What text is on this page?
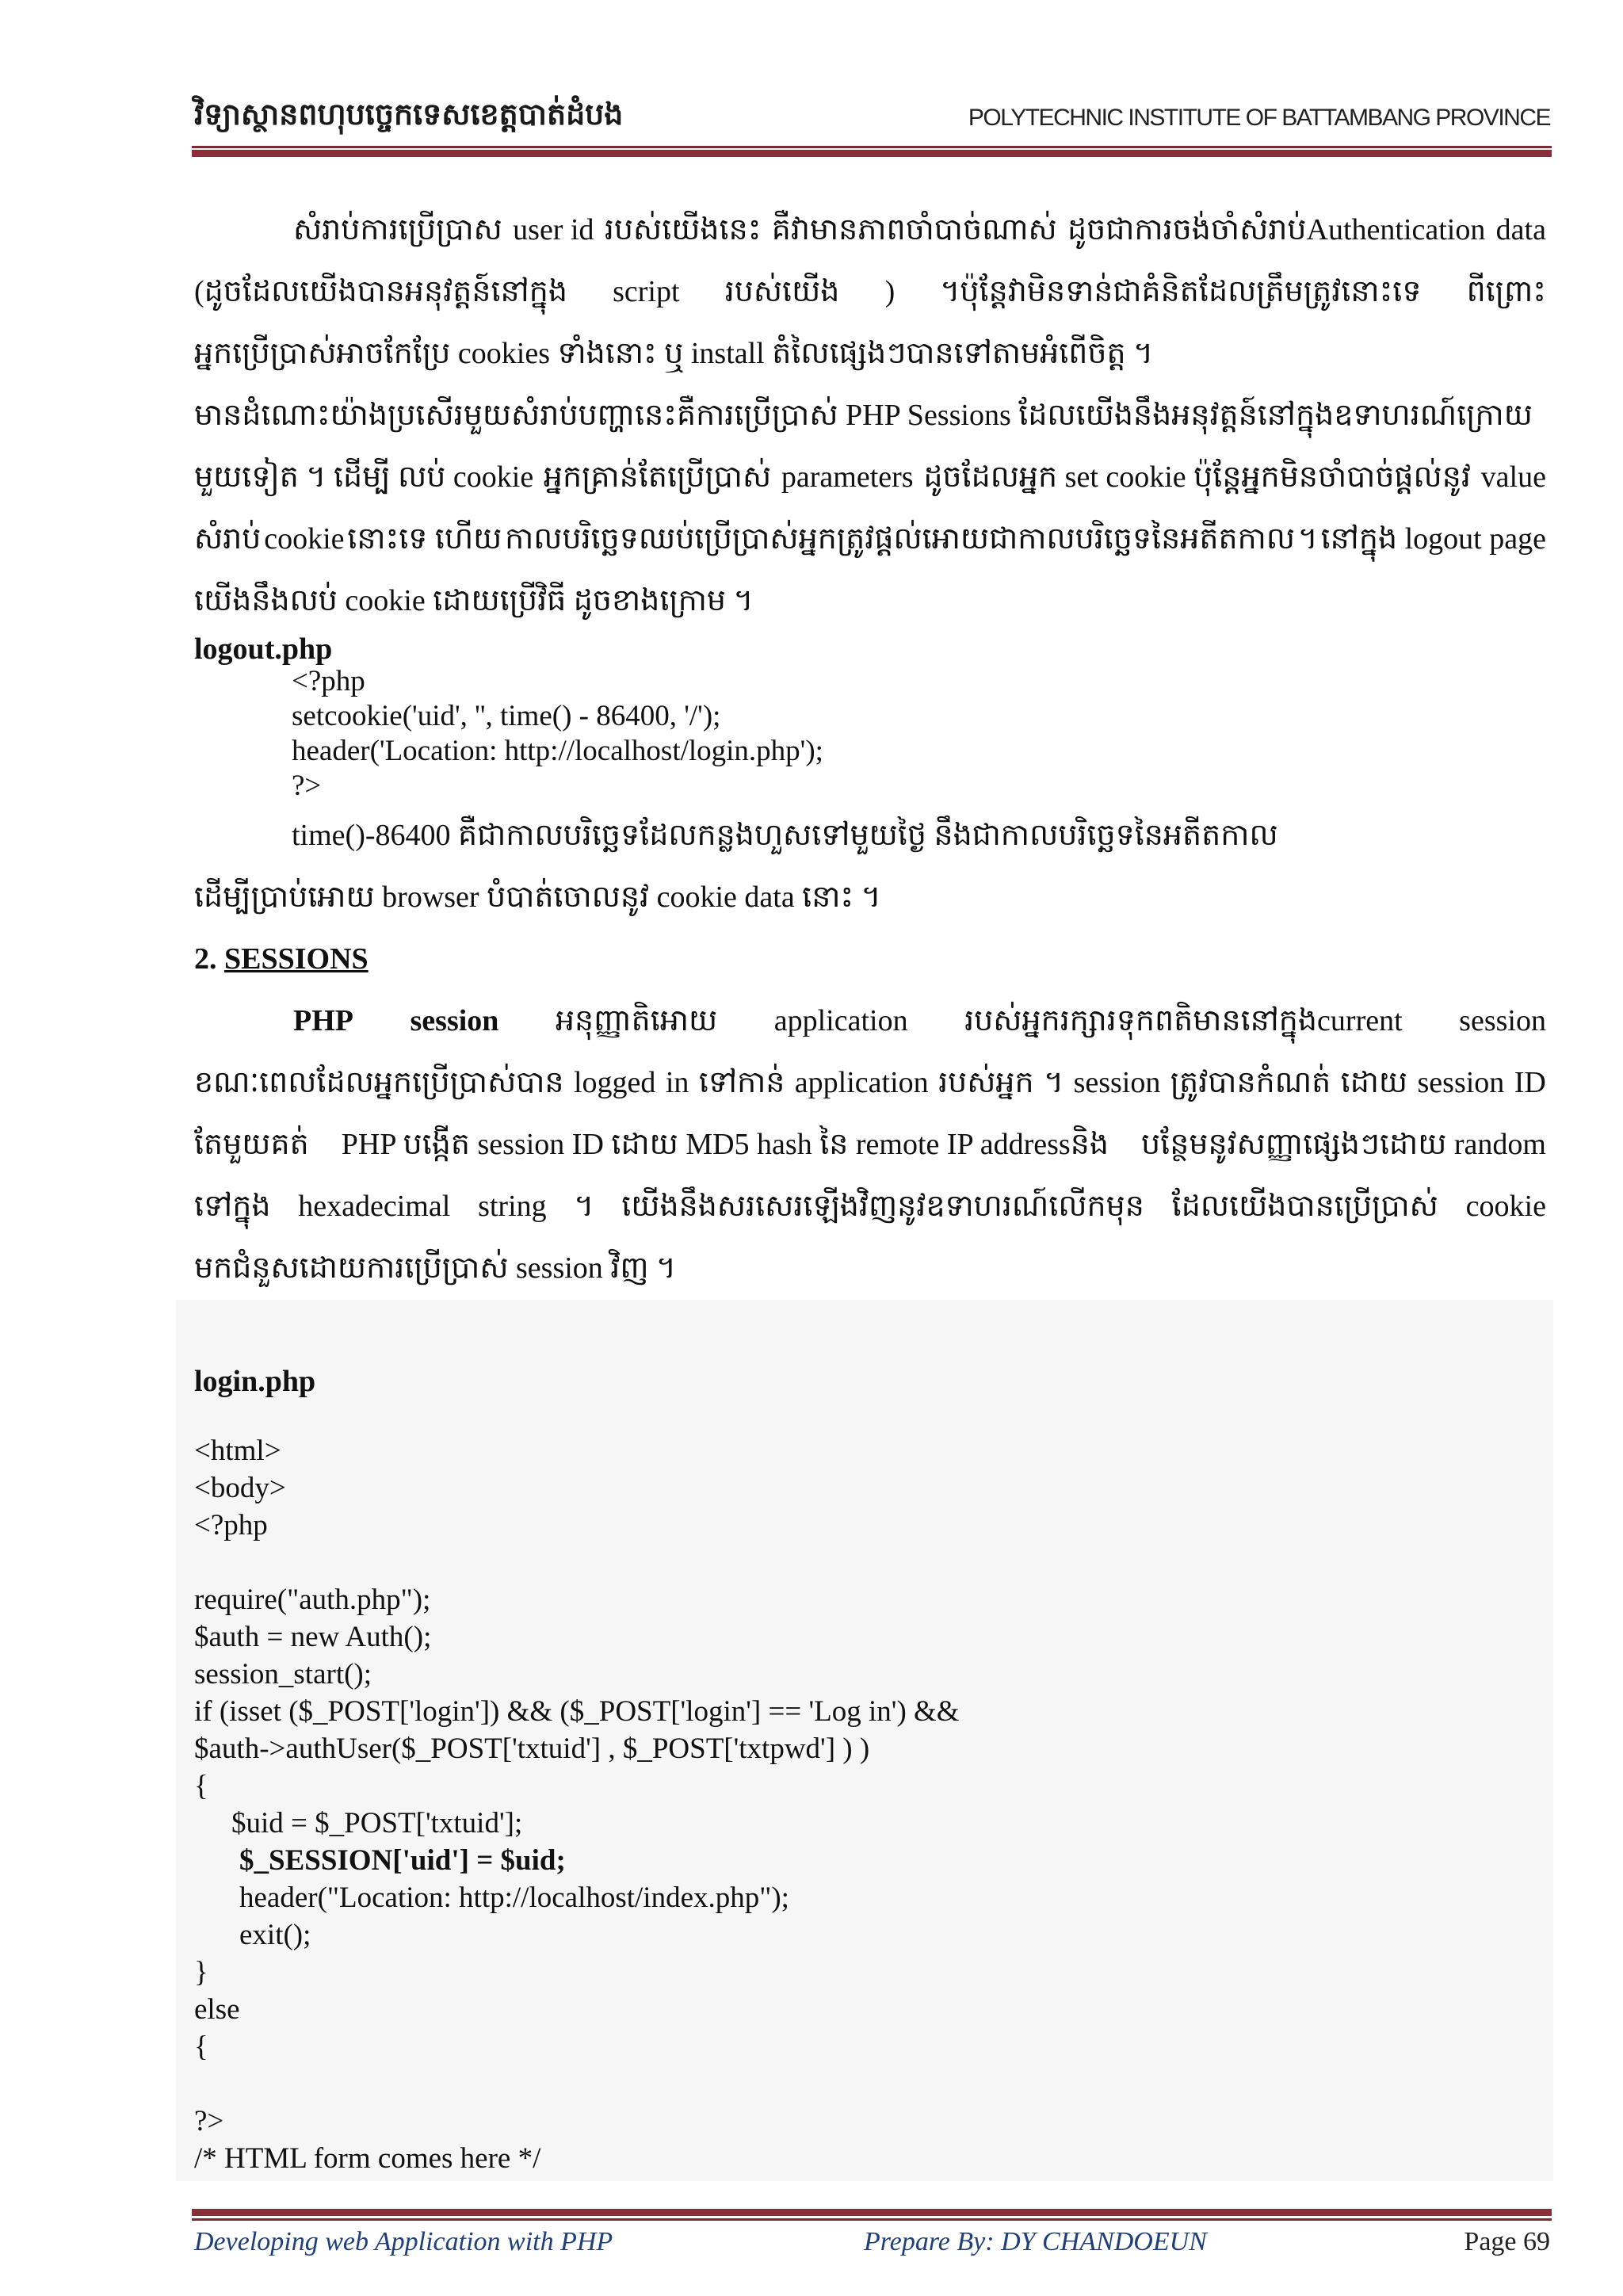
វិទ្យាស្ថានពហុបច្ចេកទេសខេត្តបាត់ដំបង	POLYTECHNIC INSTITUTE OF BATTAMBANG PROVINCE
សំរាប់ការប្រើប្រាស user id របស់យើងនេះ គឺវាមានភាពចាំបាច់ណាស់ ដូចជាការចង់ចាំសំរាប់Authentication data
(ដូចដែលយើងបានអនុវត្តន៍នៅក្នុង script របស់យើង ) ។ប៉ុន្តែវាមិនទាន់ជាគំនិតដែលត្រឹមត្រូវនោះទេ ពីព្រោះ
អ្នកប្រើប្រាស់អាចកែប្រែ cookies ទាំងនោះ ឬ install តំលៃផ្សេងៗបានទៅតាមអំពើចិត្ត ។
មានដំណោះយ៉ាងប្រសើរមួយសំរាប់បញ្ហានេះគឺការប្រើប្រាស់ PHP Sessions ដែលយើងនឹងអនុវត្តន៍នៅក្នុងឧទាហរណ៍ក្រោយ
មួយទៀត ។ ដើម្បី លប់ cookie អ្នកគ្រាន់តែប្រើប្រាស់ parameters ដូចដែលអ្នក set cookie ប៉ុន្តែអ្នកមិនចាំបាច់ផ្តល់នូវ value
សំរាប់ cookie នោះទេ ហើយ កាលបរិច្ឆេទឈប់ប្រើប្រាស់អ្នកត្រូវផ្តល់អោយជាកាលបរិច្ឆេទនៃអតីតកាល ។ នៅក្នុង logout page
យើងនឹងលប់ cookie ដោយប្រើវិធី ដូចខាងក្រោម ។
logout.php
<?php
setcookie('uid', '', time() - 86400, '/');
header('Location: http://localhost/login.php');
?>
time()-86400 គឺជាកាលបរិច្ឆេទដែលកន្លងហួសទៅមួយថ្ងៃ នឹងជាកាលបរិច្ឆេទនៃអតីតកាល
ដើម្បីប្រាប់អោយ browser បំបាត់ចោលនូវ cookie data នោះ ។
2. SESSIONS
PHP session អនុញ្ញាតិអោយ application របស់អ្នករក្សារទុកពតិមាននៅក្នុងcurrent session
ខណៈពេលដែលអ្នកប្រើប្រាស់បាន logged in ទៅកាន់ application របស់អ្នក ។ session ត្រូវបានកំណត់ ដោយ session ID
តែមួយគត់ PHP បង្កើត session ID ដោយ MD5 hash នៃ remote IP addressនិង បន្ថែមនូវសញ្ញាផ្សេងៗដោយ random
ទៅក្នុង hexadecimal string ។ យើងនឹងសរសេរឡើងវិញនូវឧទាហរណ៍លើកមុន ដែលយើងបានប្រើប្រាស់ cookie
មកជំនួសដោយការប្រើប្រាស់ session វិញ ។
login.php
<html>
<body>
<?php
require("auth.php");
$auth = new Auth();
session_start();
if (isset ($_POST['login']) && ($_POST['login'] == 'Log in') &&
$auth->authUser($_POST['txtuid'] , $_POST['txtpwd'] ) )
{
$uid = $_POST['txtuid'];
$_SESSION['uid'] = $uid;
header("Location: http://localhost/index.php");
exit();
}
else
{
?>
/* HTML form comes here */
Developing web Application with PHP	Prepare By: DY CHANDOEUN	Page 69
